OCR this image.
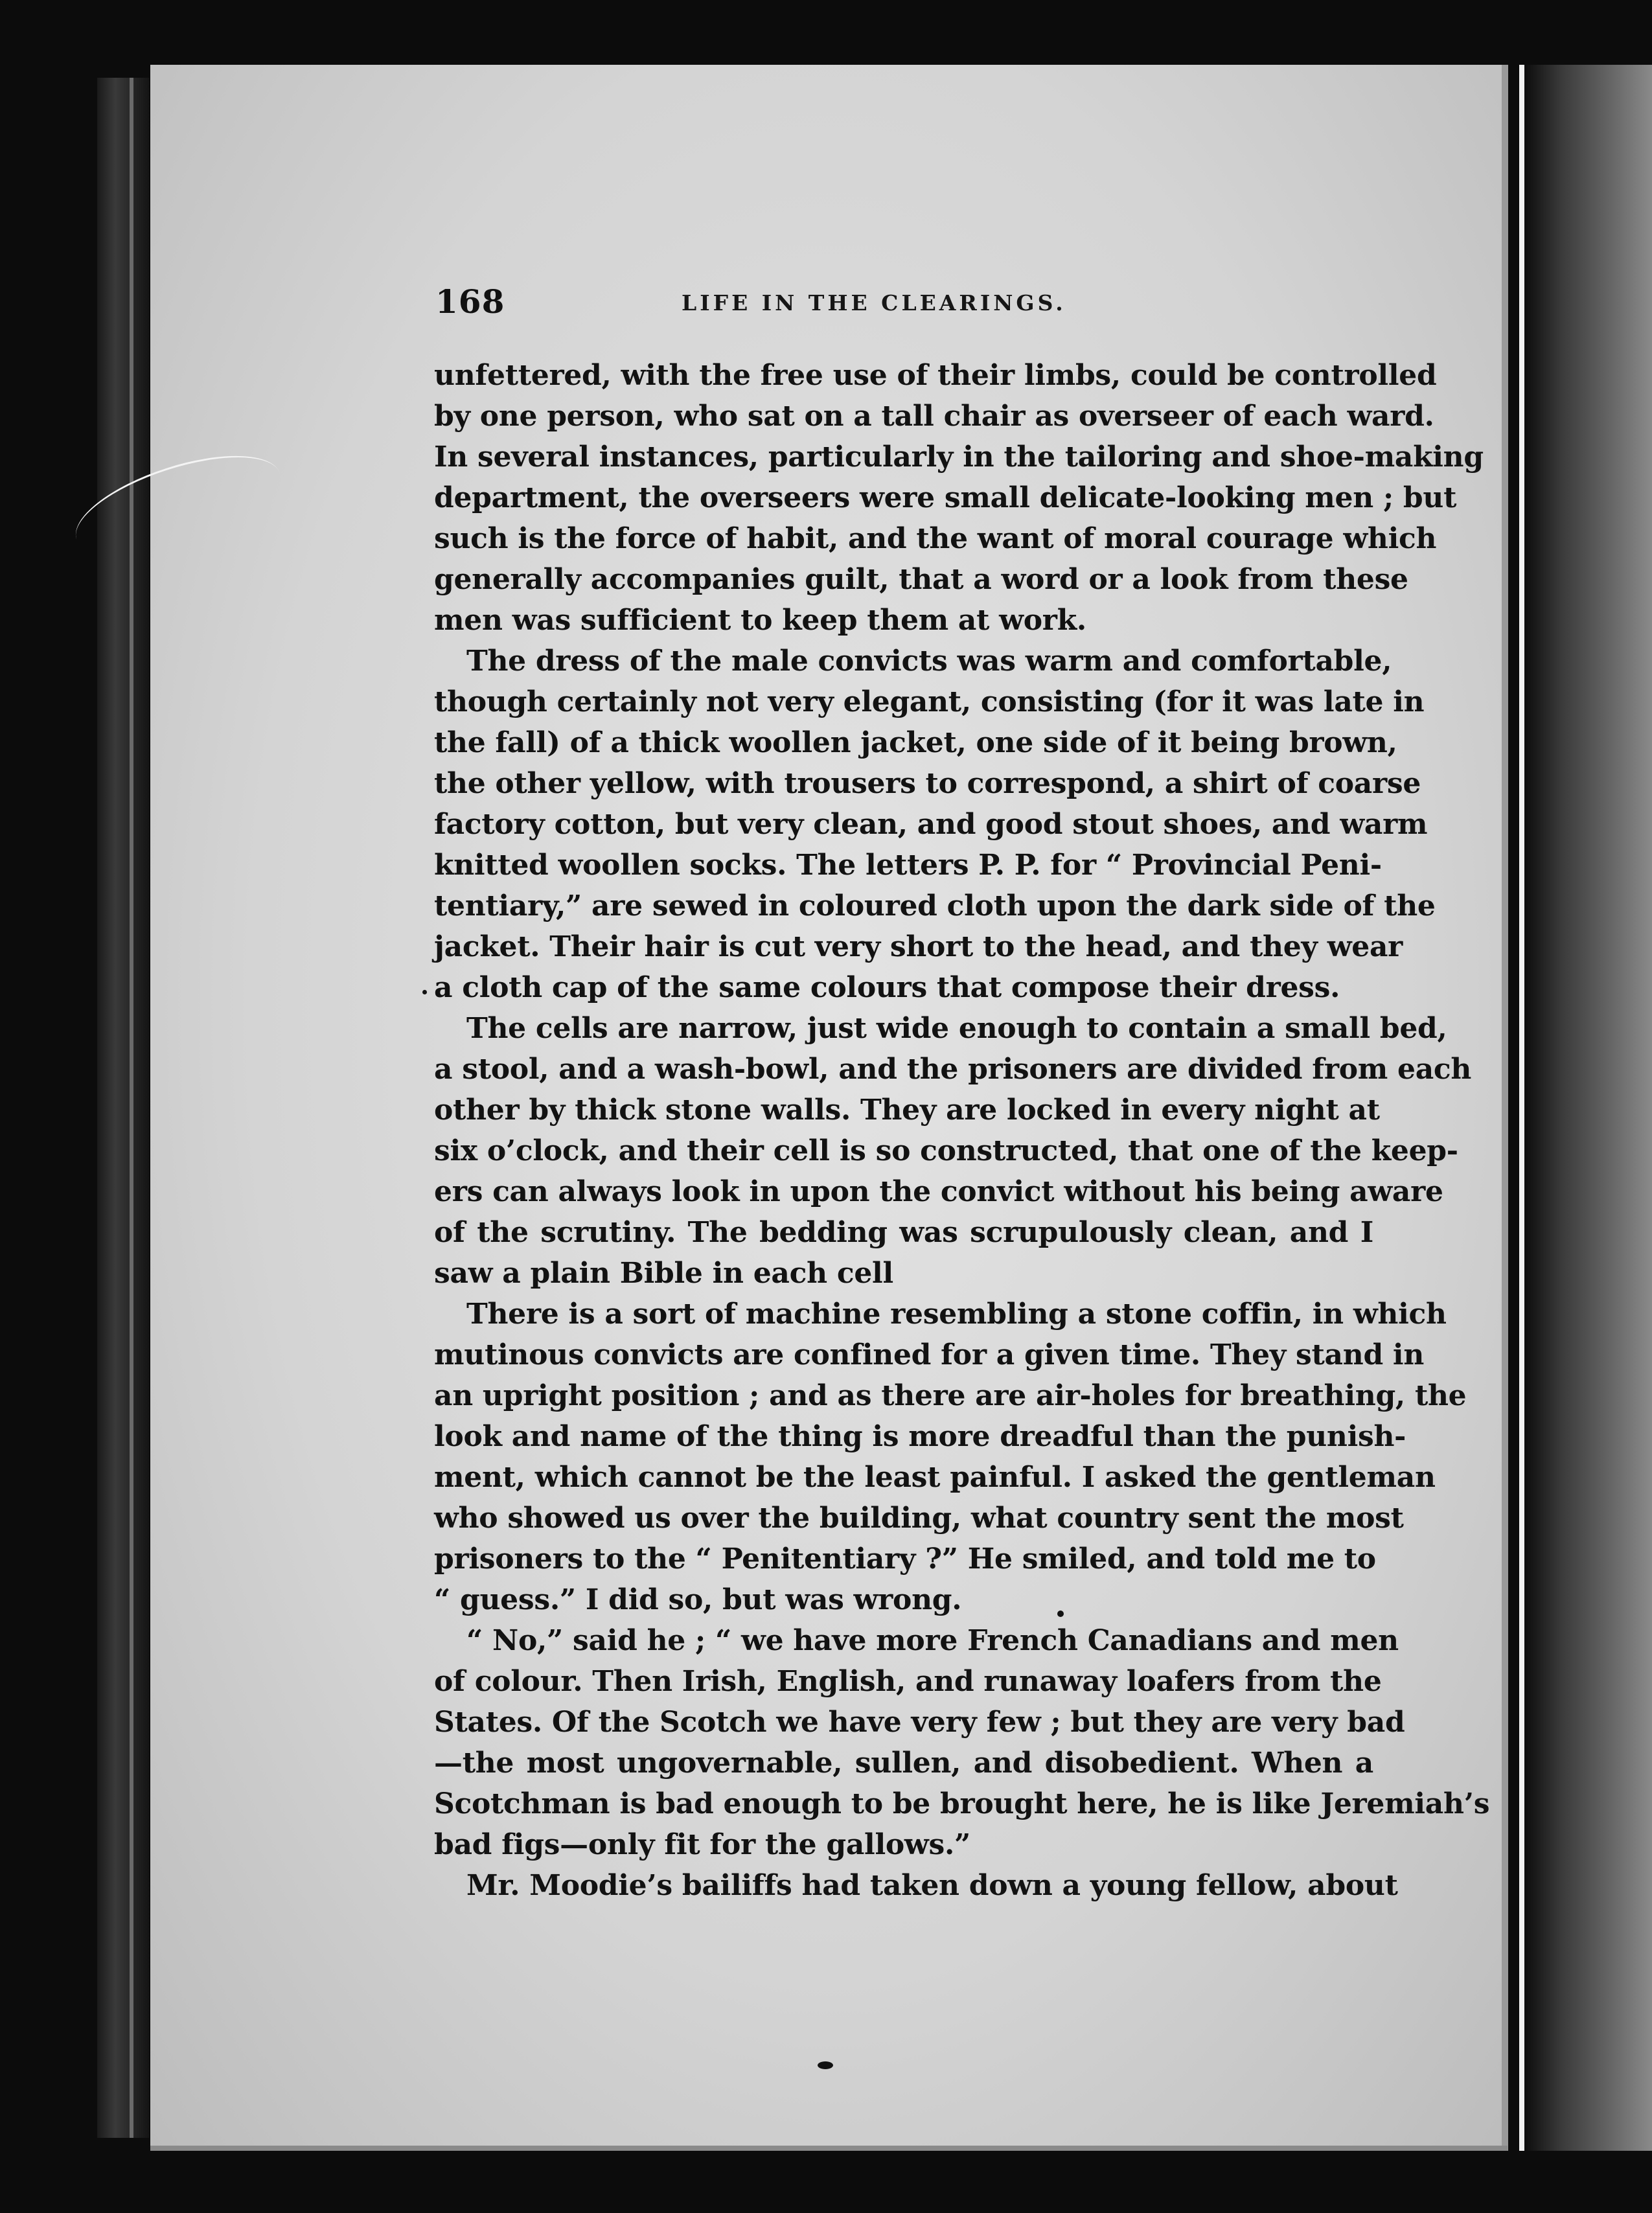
168	LIFE IN THE CLEARINGS.
unfettered, with the free use of their limbs, could be controlled
by one person, who sat on a tall chair as overseer of each ward.
In several instances, particularly in the tailoring and shoe-making
department, the overseers were small delicate-looking men ; but
such is the force of habit, and the want of moral courage which
generally accompanies guilt, that a word or a look from these
men was sufficient to keep them at work.
The dress of the male convicts was warm and comfortable,
though certainly not very elegant, consisting (for it was late in
the fall) of a thick woollen jacket, one side of it being brown,
the other yellow, with trousers to correspond, a shirt of coarse
factory cotton, but very clean, and good stout shoes, and warm
knitted woollen socks. The letters P. P. for “ Provincial Peni-
tentiary,” are sewed in coloured cloth upon the dark side of the
jacket. Their hair is cut very short to the head, and they wear
a cloth cap of the same colours that compose their dress.
The cells are narrow, just wide enough to contain a small bed,
a stool, and a wash-bowl, and the prisoners are divided from each
other by thick stone walls. They are locked in every night at
six o’clock, and their cell is so constructed, that one of the keep-
ers can always look in upon the convict without his being aware
of the scrutiny. The bedding was scrupulously clean, and I
saw a plain Bible in each cell
There is a sort of machine resembling a stone coffin, in which
mutinous convicts are confined for a given time. They stand in
an upright position ; and as there are air-holes for breathing, the
look and name of the thing is more dreadful than the punish-
ment, which cannot be the least painful. I asked the gentleman
who showed us over the building, what country sent the most
prisoners to the “ Penitentiary ?” He smiled, and told me to
“ guess.” I did so, but was wrong.
“ No,” said he ; “ we have more French Canadians and men
of colour. Then Irish, English, and runaway loafers from the
States. Of the Scotch we have very few ; but they are very bad
—the most ungovernable, sullen, and disobedient. When a
Scotchman is bad enough to be brought here, he is like Jeremiah’s
bad figs—only fit for the gallows.”
Mr. Moodie’s bailiffs had taken down a young fellow, about
